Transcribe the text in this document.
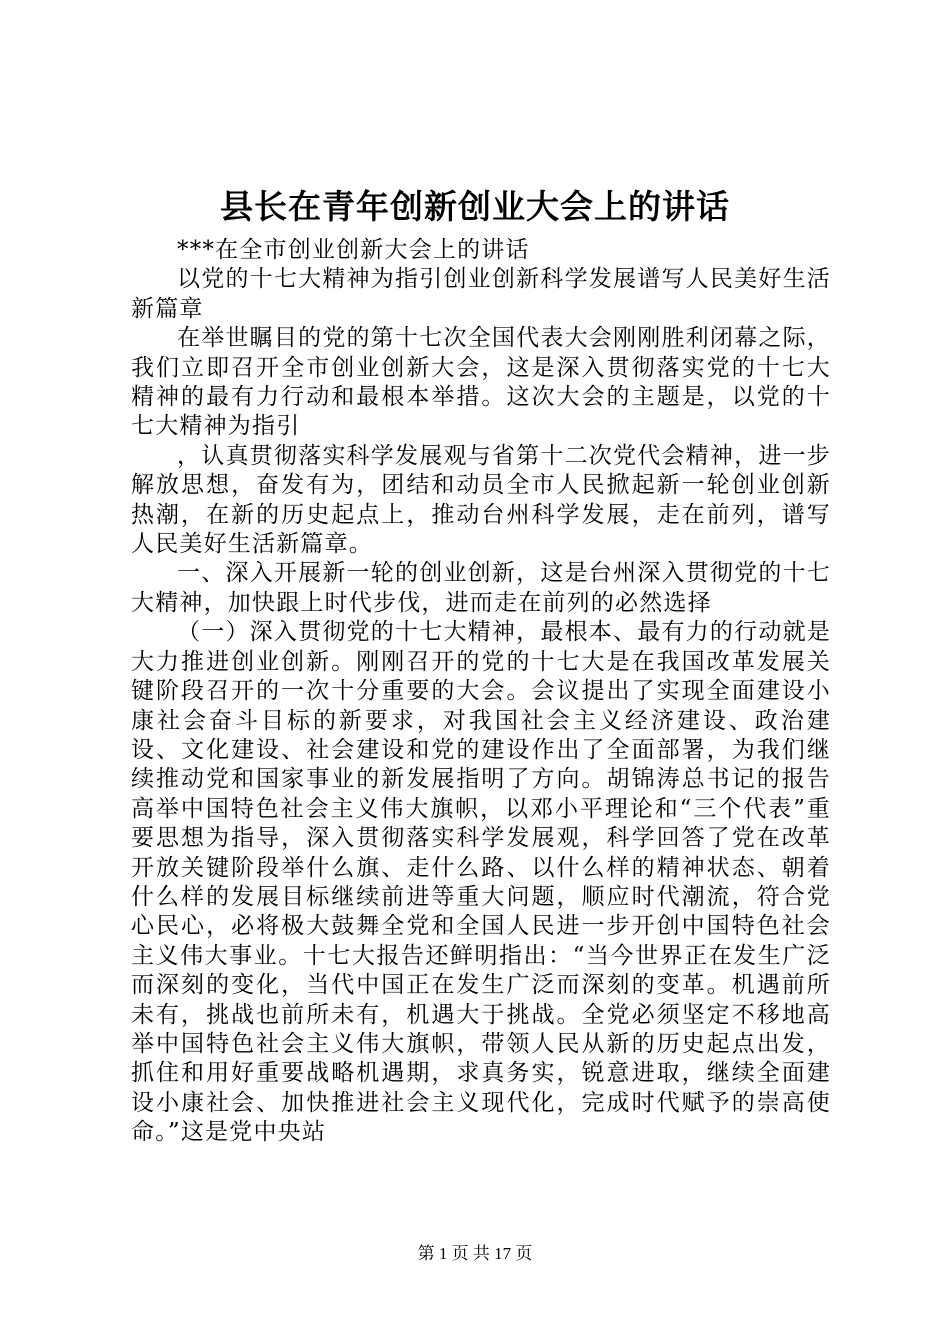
县长在青年创新创业大会上的讲话

***在全市创业创新大会上的讲话

以党的十七大精神为指引创业创新科学发展谱写人民美好生活新篇章

在举世瞩目的党的第十七次全国代表大会刚刚胜利闭幕之际，我们立即召开全市创业创新大会，这是深入贯彻落实党的十七大精神的最有力行动和最根本举措。这次大会的主题是，以党的十七大精神为指引

，认真贯彻落实科学发展观与省第十二次党代会精神，进一步解放思想，奋发有为，团结和动员全市人民掀起新一轮创业创新热潮，在新的历史起点上，推动台州科学发展，走在前列，谱写人民美好生活新篇章。

一、深入开展新一轮的创业创新，这是台州深入贯彻党的十七大精神，加快跟上时代步伐，进而走在前列的必然选择

（一）深入贯彻党的十七大精神，最根本、最有力的行动就是大力推进创业创新。刚刚召开的党的十七大是在我国改革发展关键阶段召开的一次十分重要的大会。会议提出了实现全面建设小康社会奋斗目标的新要求，对我国社会主义经济建设、政治建设、文化建设、社会建设和党的建设作出了全面部署，为我们继续推动党和国家事业的新发展指明了方向。胡锦涛总书记的报告高举中国特色社会主义伟大旗帜，以邓小平理论和“三个代表”重要思想为指导，深入贯彻落实科学发展观，科学回答了党在改革开放关键阶段举什么旗、走什么路、以什么样的精神状态、朝着什么样的发展目标继续前进等重大问题，顺应时代潮流，符合党心民心，必将极大鼓舞全党和全国人民进一步开创中国特色社会主义伟大事业。十七大报告还鲜明指出：“当今世界正在发生广泛而深刻的变化，当代中国正在发生广泛而深刻的变革。机遇前所未有，挑战也前所未有，机遇大于挑战。全党必须坚定不移地高举中国特色社会主义伟大旗帜，带领人民从新的历史起点出发，抓住和用好重要战略机遇期，求真务实，锐意进取，继续全面建设小康社会、加快推进社会主义现代化，完成时代赋予的崇高使命。”这是党中央站

第 1 页 共 17 页
